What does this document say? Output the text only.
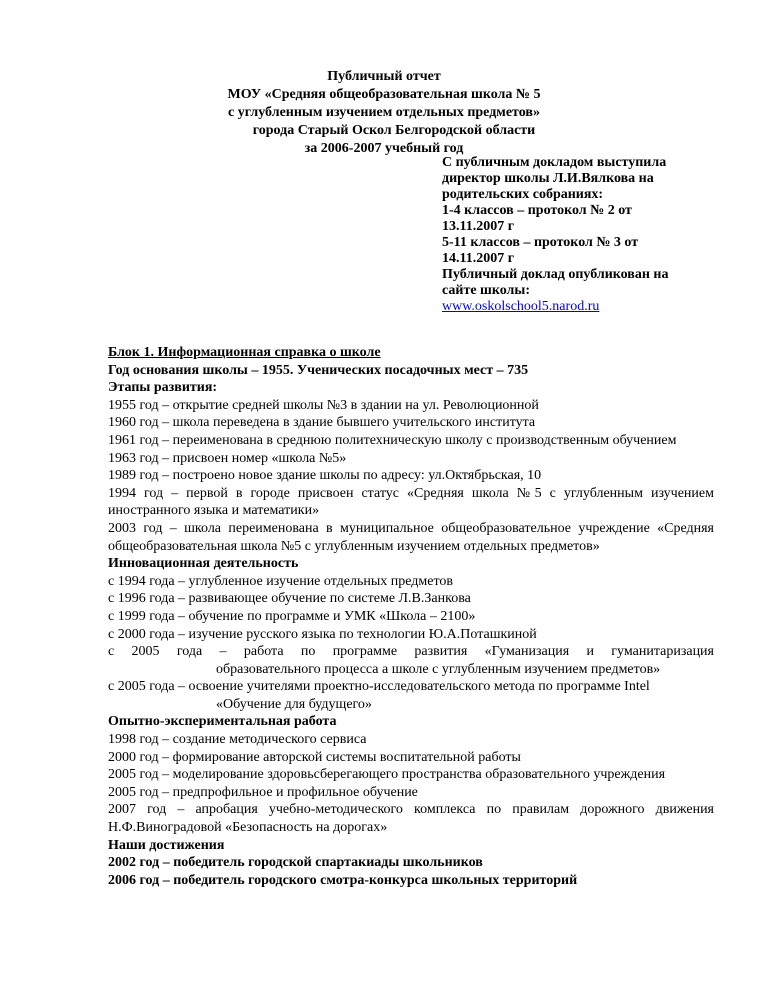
Публичный отчет
МОУ «Средняя общеобразовательная школа № 5
с углубленным изучением отдельных предметов»
города Старый Оскол Белгородской области
за 2006-2007 учебный год
С публичным докладом выступила
директор школы Л.И.Вялкова на
родительских собраниях:
1-4 классов – протокол № 2 от
13.11.2007 г
5-11 классов – протокол № 3 от
14.11.2007 г
Публичный доклад опубликован на
сайте школы:
www.oskolschool5.narod.ru

Блок 1. Информационная справка о школе

Год основания школы – 1955. Ученических посадочных мест – 735

Этапы развития:

1955 год – открытие средней школы №3 в здании на ул. Революционной

1960 год – школа переведена в здание бывшего учительского института

1961 год – переименована в среднюю политехническую школу с производственным обучением

1963 год – присвоен номер «школа №5»

1989 год – построено новое здание школы по адресу: ул.Октябрьская, 10

1994 год – первой в городе присвоен статус «Средняя школа №5 с углубленным изучением иностранного языка и математики»

2003 год – школа переименована в муниципальное общеобразовательное учреждение «Средняя общеобразовательная школа №5 с углубленным изучением отдельных предметов»

Инновационная деятельность

с 1994 года – углубленное изучение отдельных предметов

с 1996 года – развивающее обучение по системе Л.В.Занкова

с 1999 года – обучение по программе и УМК «Школа – 2100»

с 2000 года – изучение русского языка по технологии Ю.А.Поташкиной

с 2005 года – работа по программе развития «Гуманизация и гуманитаризация

образовательного процесса а школе с углубленным изучением предметов»

с 2005 года – освоение учителями проектно-исследовательского метода по программе Intel

«Обучение для будущего»

Опытно-экспериментальная работа

1998 год – создание методического сервиса

2000 год – формирование авторской системы воспитательной работы

2005 год – моделирование здоровьсберегающего пространства образовательного учреждения

2005 год – предпрофильное и профильное обучение

2007 год – апробация учебно-методического комплекса по правилам дорожного движения Н.Ф.Виноградовой «Безопасность на дорогах»

Наши достижения

2002 год – победитель городской спартакиады школьников

2006 год – победитель городского смотра-конкурса школьных территорий
